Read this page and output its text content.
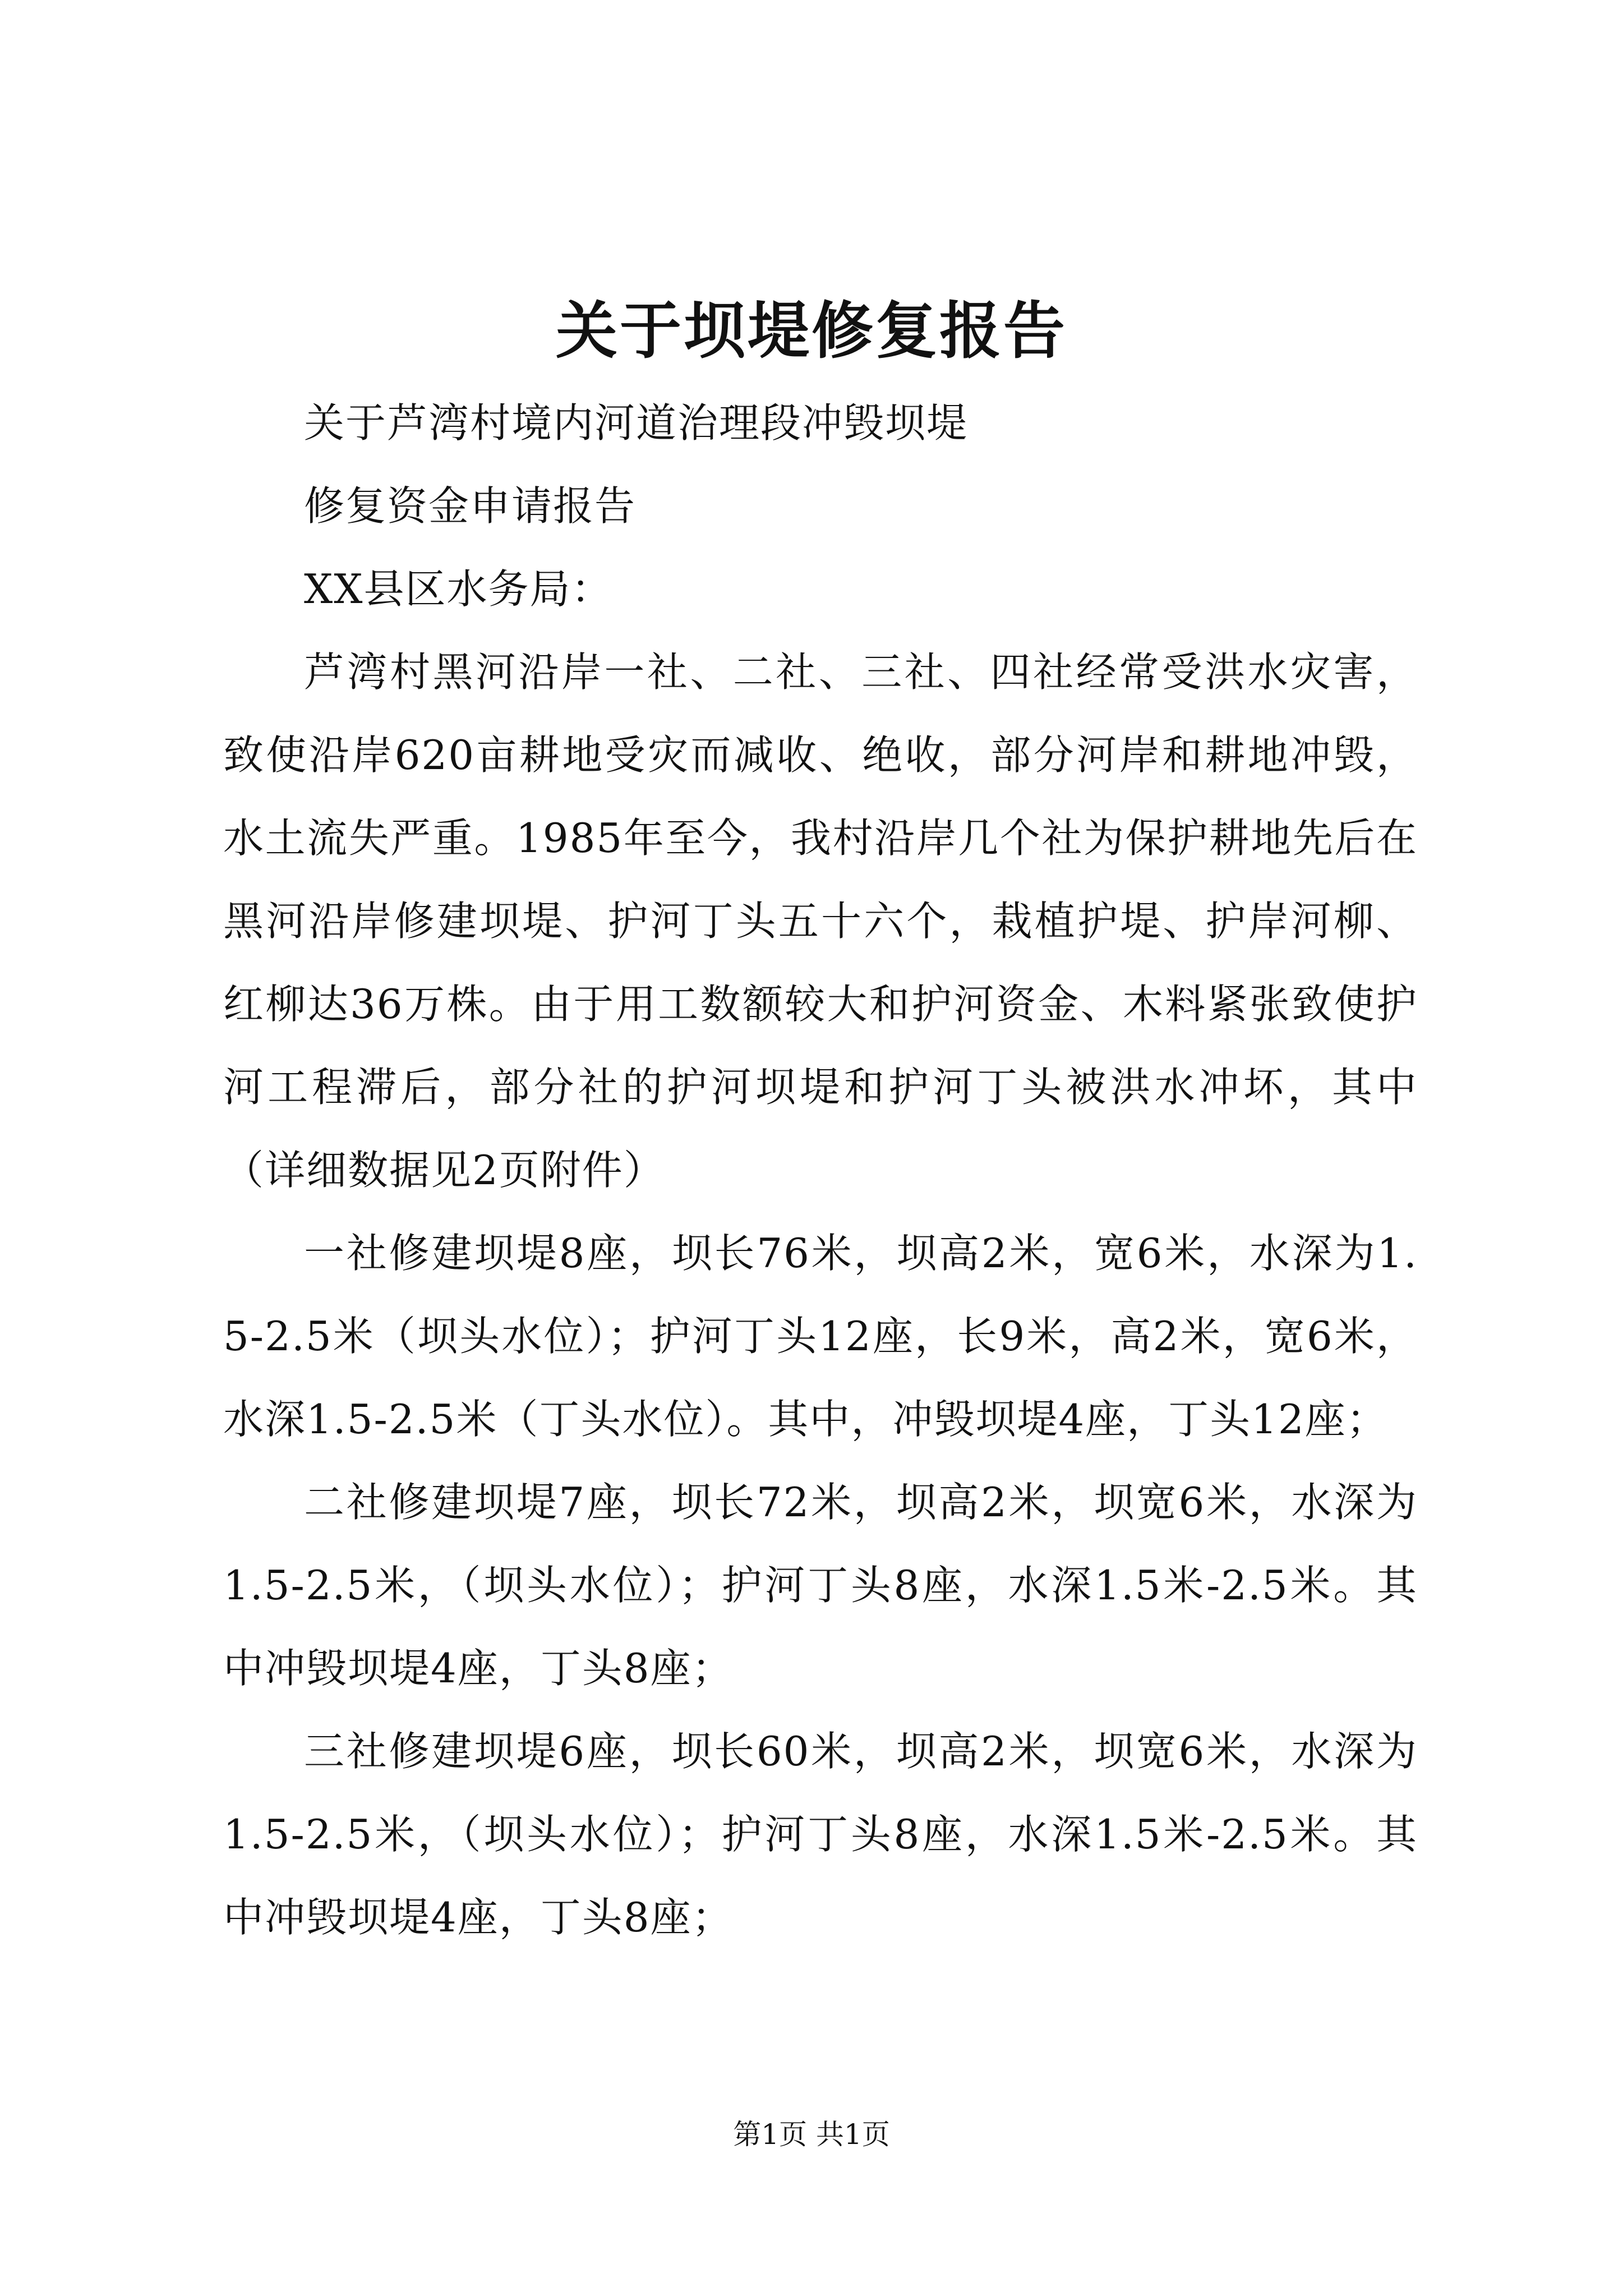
关于坝堤修复报告

关于芦湾村境内河道治理段冲毁坝堤

修复资金申请报告

XX县区水务局：

芦湾村黑河沿岸一社、二社、三社、四社经常受洪水灾害，致使沿岸620亩耕地受灾而减收、绝收，部分河岸和耕地冲毁，水土流失严重。1985年至今，我村沿岸几个社为保护耕地先后在黑河沿岸修建坝堤、护河丁头五十六个，栽植护堤、护岸河柳、红柳达36万株。由于用工数额较大和护河资金、木料紧张致使护河工程滞后，部分社的护河坝堤和护河丁头被洪水冲坏，其中（详细数据见2页附件）

一社修建坝堤8座，坝长76米，坝高2米，宽6米，水深为1.5-2.5米（坝头水位）；护河丁头12座，长9米，高2米，宽6米，水深1.5-2.5米（丁头水位）。其中，冲毁坝堤4座，丁头12座；

二社修建坝堤7座，坝长72米，坝高2米，坝宽6米，水深为1.5-2.5米，（坝头水位）；护河丁头8座，水深1.5米-2.5米。其中冲毁坝堤4座，丁头8座；

三社修建坝堤6座，坝长60米，坝高2米，坝宽6米，水深为1.5-2.5米，（坝头水位）；护河丁头8座，水深1.5米-2.5米。其中冲毁坝堤4座，丁头8座；

第1页 共1页
